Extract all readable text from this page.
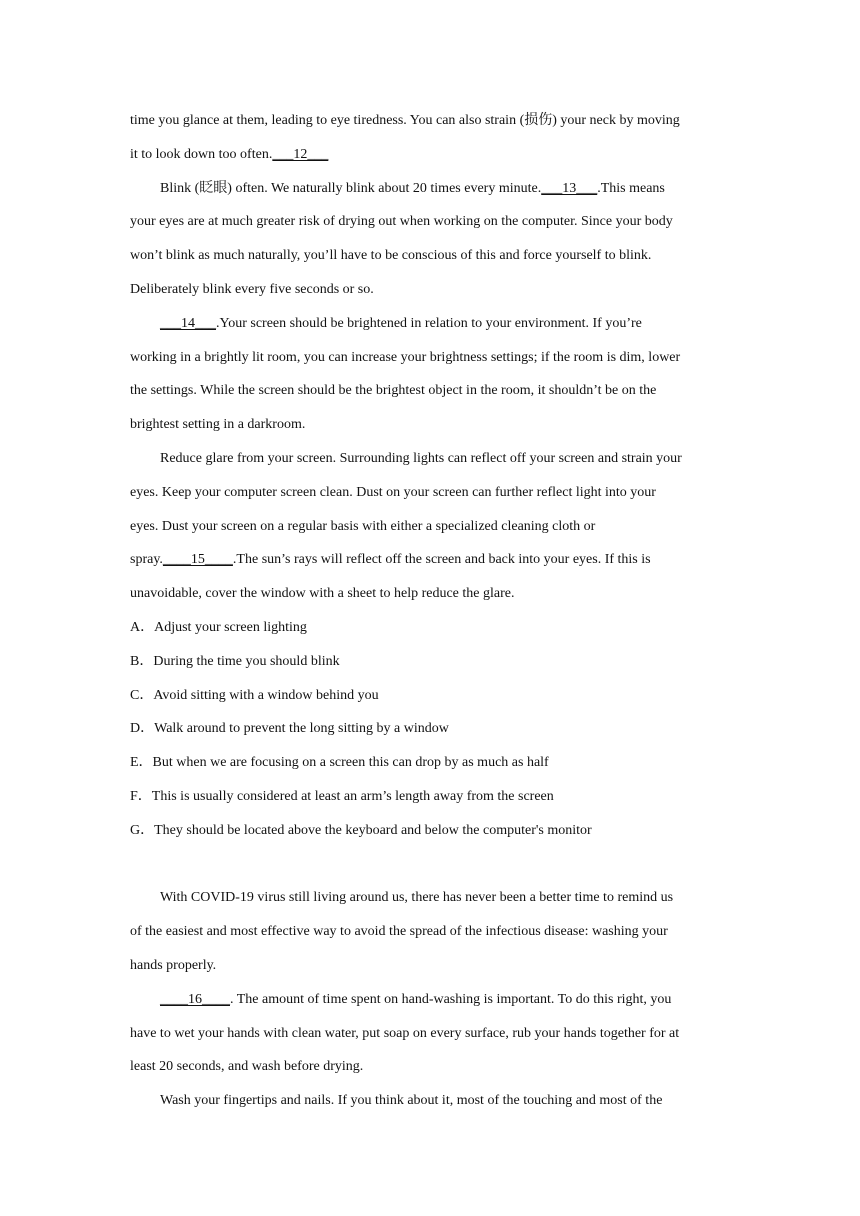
time you glance at them, leading to eye tiredness. You can also strain (损伤) your neck by moving
it to look down too often.___12___
Blink (眨眼) often. We naturally blink about 20 times every minute.___13___.This means
your eyes are at much greater risk of drying out when working on the computer. Since your body
won’t blink as much naturally, you’ll have to be conscious of this and force yourself to blink.
Deliberately blink every five seconds or so.
___14___.Your screen should be brightened in relation to your environment. If you’re
working in a brightly lit room, you can increase your brightness settings; if the room is dim, lower
the settings. While the screen should be the brightest object in the room, it shouldn’t be on the
brightest setting in a darkroom.
Reduce glare from your screen. Surrounding lights can reflect off your screen and strain your
eyes. Keep your computer screen clean. Dust on your screen can further reflect light into your
eyes. Dust your screen on a regular basis with either a specialized cleaning cloth or
spray.____15____.The sun’s rays will reflect off the screen and back into your eyes. If this is
unavoidable, cover the window with a sheet to help reduce the glare.
A．Adjust your screen lighting
B．During the time you should blink
C．Avoid sitting with a window behind you
D．Walk around to prevent the long sitting by a window
E．But when we are focusing on a screen this can drop by as much as half
F．This is usually considered at least an arm’s length away from the screen
G．They should be located above the keyboard and below the computer's monitor
With COVID-19 virus still living around us, there has never been a better time to remind us
of the easiest and most effective way to avoid the spread of the infectious disease: washing your
hands properly.
____16____. The amount of time spent on hand-washing is important. To do this right, you
have to wet your hands with clean water, put soap on every surface, rub your hands together for at
least 20 seconds, and wash before drying.
Wash your fingertips and nails. If you think about it, most of the touching and most of the
